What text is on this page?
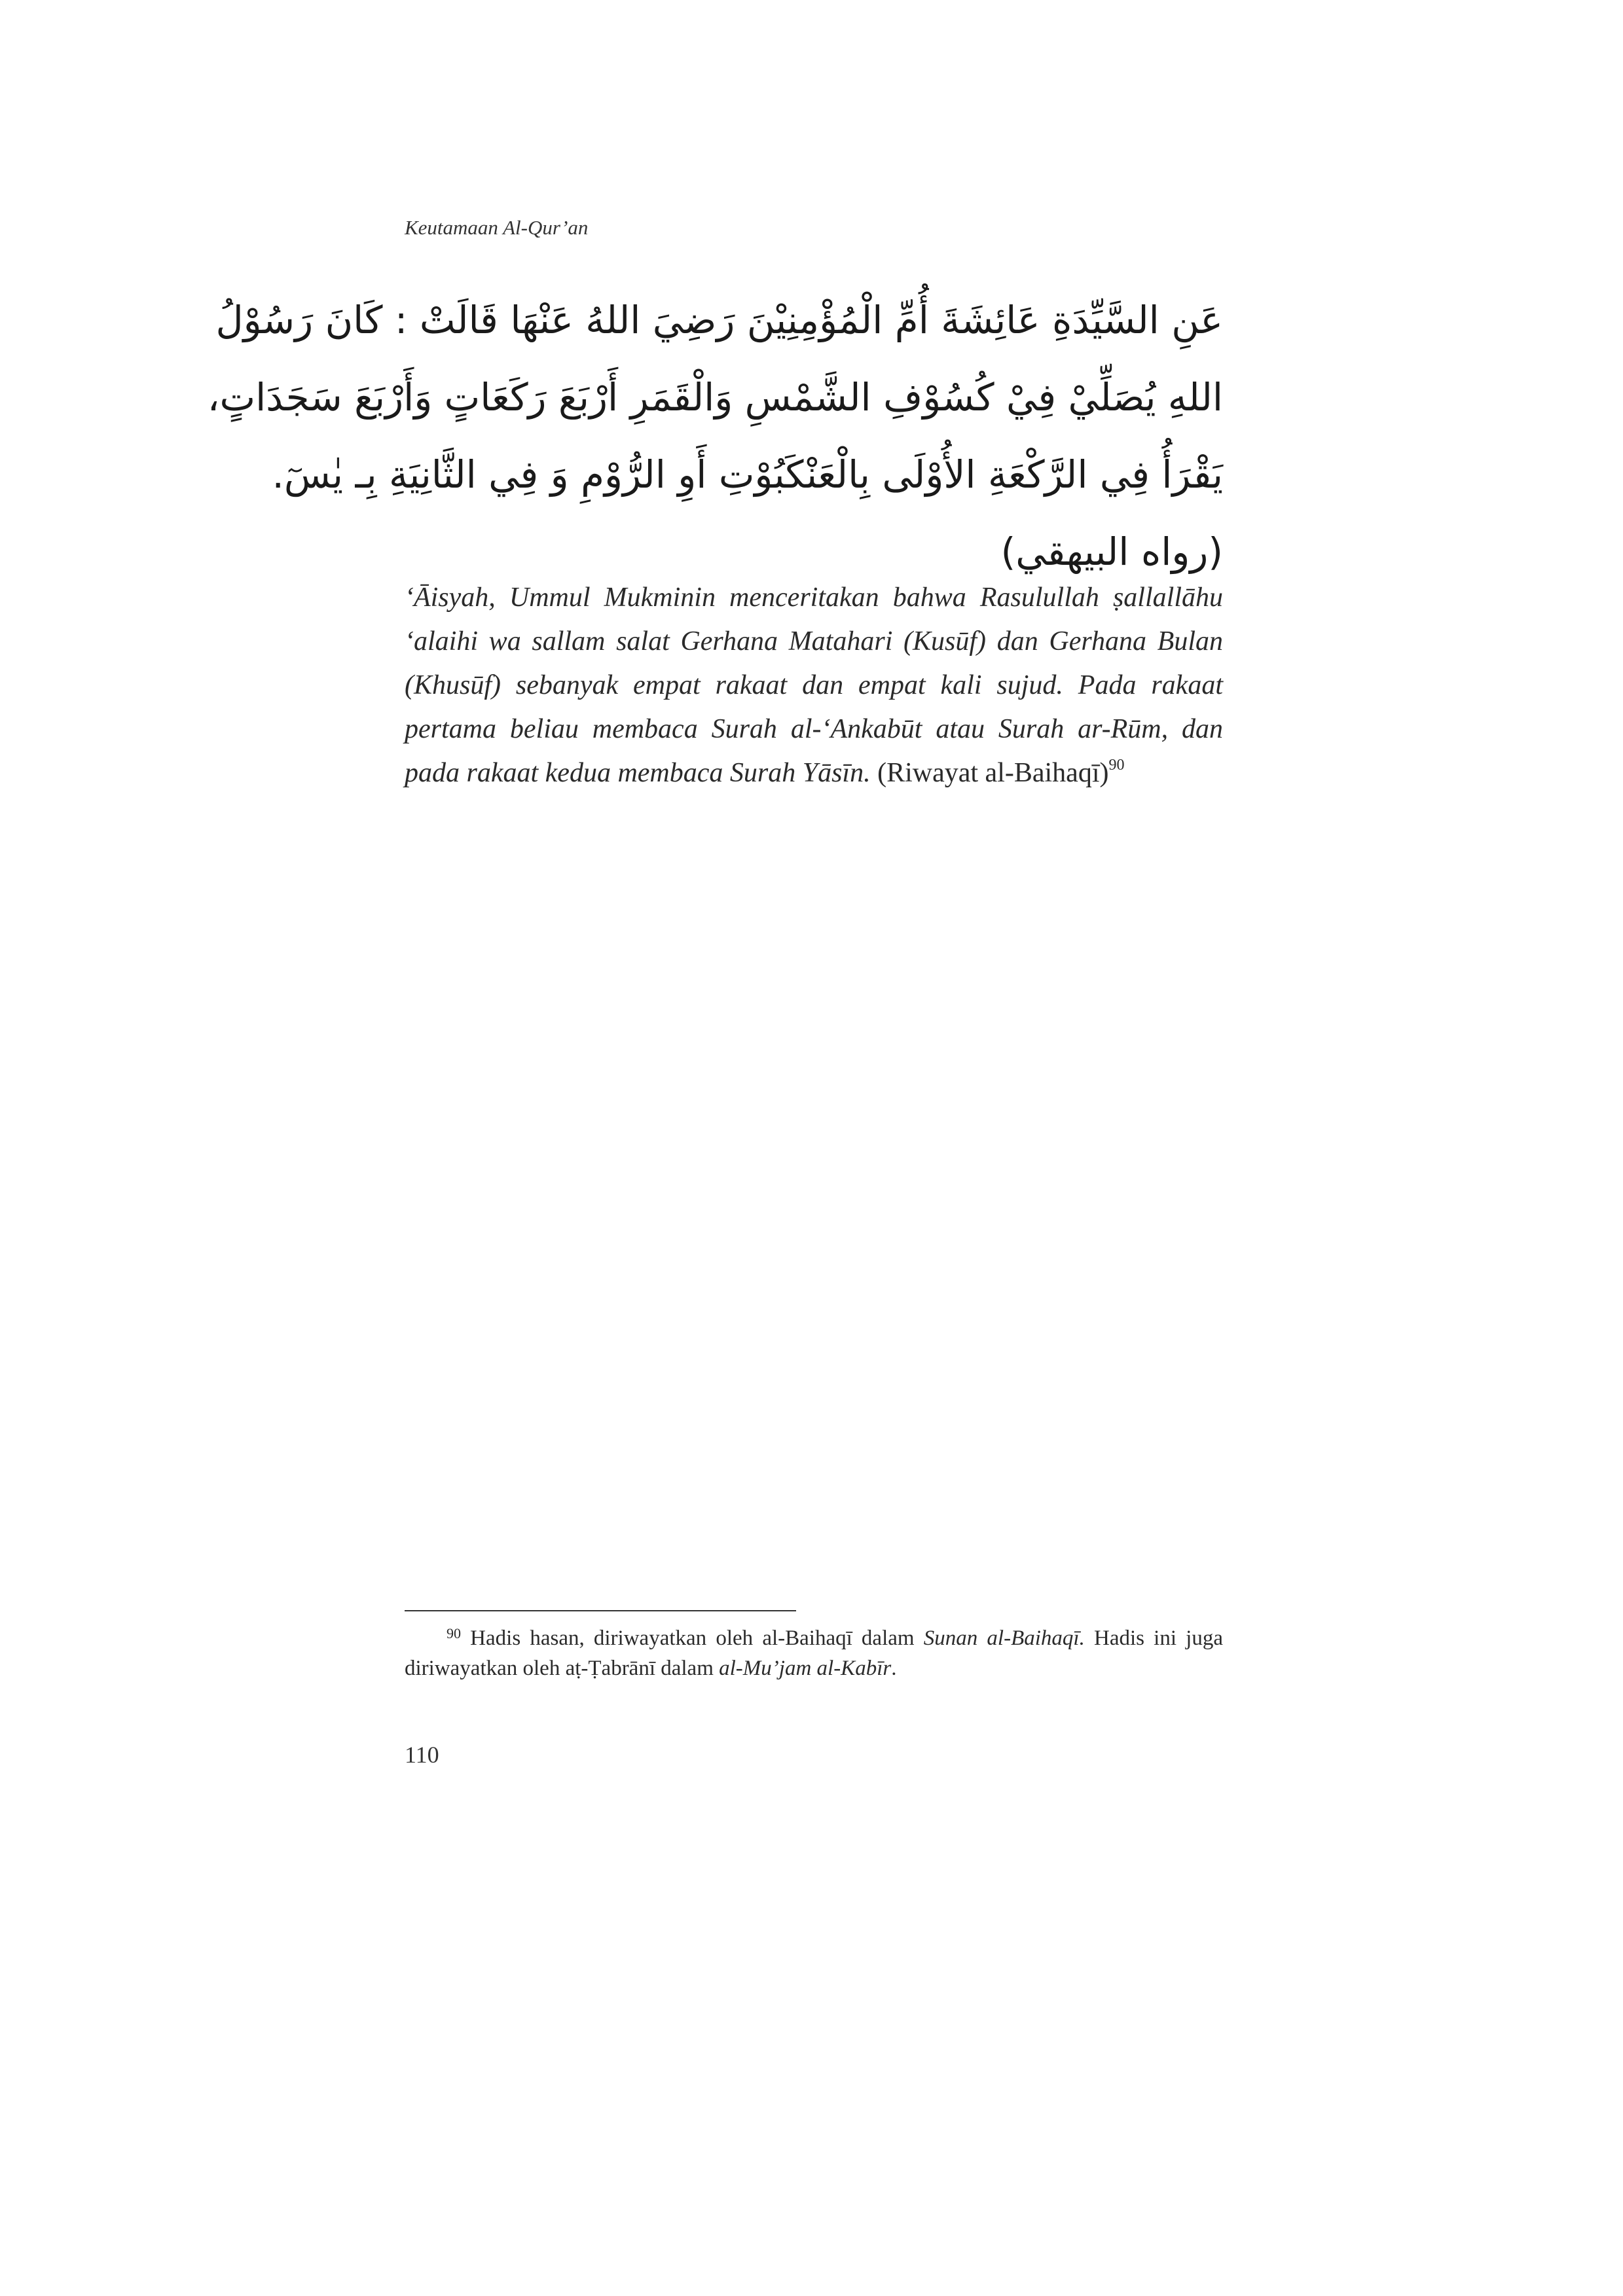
Keutamaan Al-Qur’an
عَنِ السَّيِّدَةِ عَائِشَةَ أُمِّ الْمُؤْمِنِيْنَ رَضِيَ اللهُ عَنْهَا قَالَتْ : كَانَ رَسُوْلُ
اللهِ يُصَلِّيْ فِيْ كُسُوْفِ الشَّمْسِ وَالْقَمَرِ أَرْبَعَ رَكَعَاتٍ وَأَرْبَعَ سَجَدَاتٍ،
يَقْرَأُ فِي الرَّكْعَةِ الأُوْلَى بِالْعَنْكَبُوْتِ أَوِ الرُّوْمِ وَ فِي الثَّانِيَةِ بِـ يٰسٓ.
(رواه البيهقي)
‘Āisyah, Ummul Mukminin menceritakan bahwa Rasulullah ṣallallāhu ‘alaihi wa sallam salat Gerhana Matahari (Kusūf) dan Gerhana Bulan (Khusūf) sebanyak empat rakaat dan empat kali sujud. Pada rakaat pertama beliau membaca Surah al-‘Ankabūt atau Surah ar-Rūm, dan pada rakaat kedua membaca Surah Yāsīn. (Riwayat al-Baihaqī)$^{90}$
$^{90}$ Hadis hasan, diriwayatkan oleh al-Baihaqī dalam Sunan al-Baihaqī. Hadis ini juga diriwayatkan oleh aṭ-Ṭabrānī dalam al-Mu’jam al-Kabīr.
110
